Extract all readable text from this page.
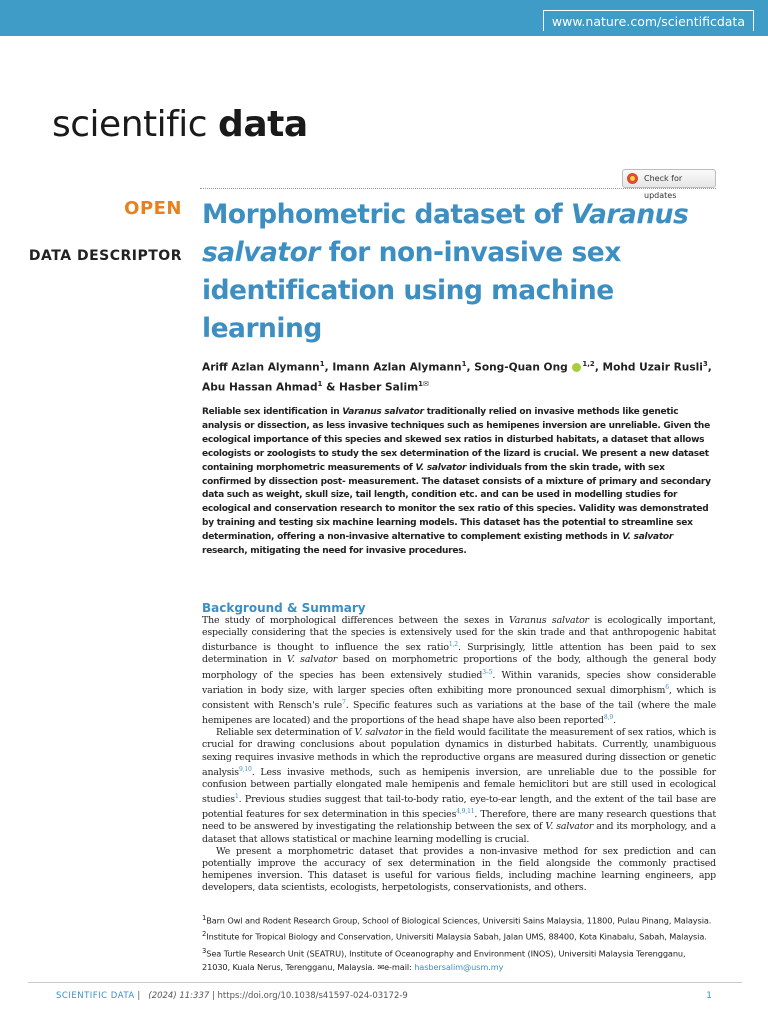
www.nature.com/scientificdata
scientific data
Check for updates
OPEN
DATA DESCRIPTOR
Morphometric dataset of Varanus salvator for non-invasive sex identification using machine learning
Ariff Azlan Alymann$^1$, Imann Azlan Alymann$^1$, Song-Quan Ong $^{1,2}$, Mohd Uzair Rusli$^3$, Abu Hassan Ahmad$^1$ & Hasber Salim$^{1✉}$

Reliable sex identification in Varanus salvator traditionally relied on invasive methods like genetic analysis or dissection, as less invasive techniques such as hemipenes inversion are unreliable. Given the ecological importance of this species and skewed sex ratios in disturbed habitats, a dataset that allows ecologists or zoologists to study the sex determination of the lizard is crucial. We present a new dataset containing morphometric measurements of V. salvator individuals from the skin trade, with sex confirmed by dissection post- measurement. The dataset consists of a mixture of primary and secondary data such as weight, skull size, tail length, condition etc. and can be used in modelling studies for ecological and conservation research to monitor the sex ratio of this species. Validity was demonstrated by training and testing six machine learning models. This dataset has the potential to streamline sex determination, offering a non-invasive alternative to complement existing methods in V. salvator research, mitigating the need for invasive procedures.

Background & Summary

The study of morphological differences between the sexes in Varanus salvator is ecologically important, especially considering that the species is extensively used for the skin trade and that anthropogenic habitat disturbance is thought to influence the sex ratio$^{1,2}$. Surprisingly, little attention has been paid to sex determination in V. salvator based on morphometric proportions of the body, although the general body morphology of the species has been extensively studied$^{3-5}$. Within varanids, species show considerable variation in body size, with larger species often exhibiting more pronounced sexual dimorphism$^6$, which is consistent with Rensch's rule$^7$. Specific features such as variations at the base of the tail (where the male hemipenes are located) and the proportions of the head shape have also been reported$^{8,9}$.

Reliable sex determination of V. salvator in the field would facilitate the measurement of sex ratios, which is crucial for drawing conclusions about population dynamics in disturbed habitats. Currently, unambiguous sexing requires invasive methods in which the reproductive organs are measured during dissection or genetic analysis$^{9,10}$. Less invasive methods, such as hemipenis inversion, are unreliable due to the possible for confusion between partially elongated male hemipenis and female hemiclitori but are still used in ecological studies$^1$. Previous studies suggest that tail-to-body ratio, eye-to-ear length, and the extent of the tail base are potential features for sex determination in this species$^{4,9,11}$. Therefore, there are many research questions that need to be answered by investigating the relationship between the sex of V. salvator and its morphology, and a dataset that allows statistical or machine learning modelling is crucial.

We present a morphometric dataset that provides a non-invasive method for sex prediction and can potentially improve the accuracy of sex determination in the field alongside the commonly practised hemipenes inversion. This dataset is useful for various fields, including machine learning engineers, app developers, data scientists, ecologists, herpetologists, conservationists, and others.

$^1$Barn Owl and Rodent Research Group, School of Biological Sciences, Universiti Sains Malaysia, 11800, Pulau Pinang, Malaysia. $^2$Institute for Tropical Biology and Conservation, Universiti Malaysia Sabah, Jalan UMS, 88400, Kota Kinabalu, Sabah, Malaysia. $^3$Sea Turtle Research Unit (SEATRU), Institute of Oceanography and Environment (INOS), Universiti Malaysia Terengganu, 21030, Kuala Nerus, Terengganu, Malaysia. ✉e-mail: hasbersalim@usm.my
SCIENTIFIC DATA |   (2024) 11:337 | https://doi.org/10.1038/s41597-024-03172-9	1
